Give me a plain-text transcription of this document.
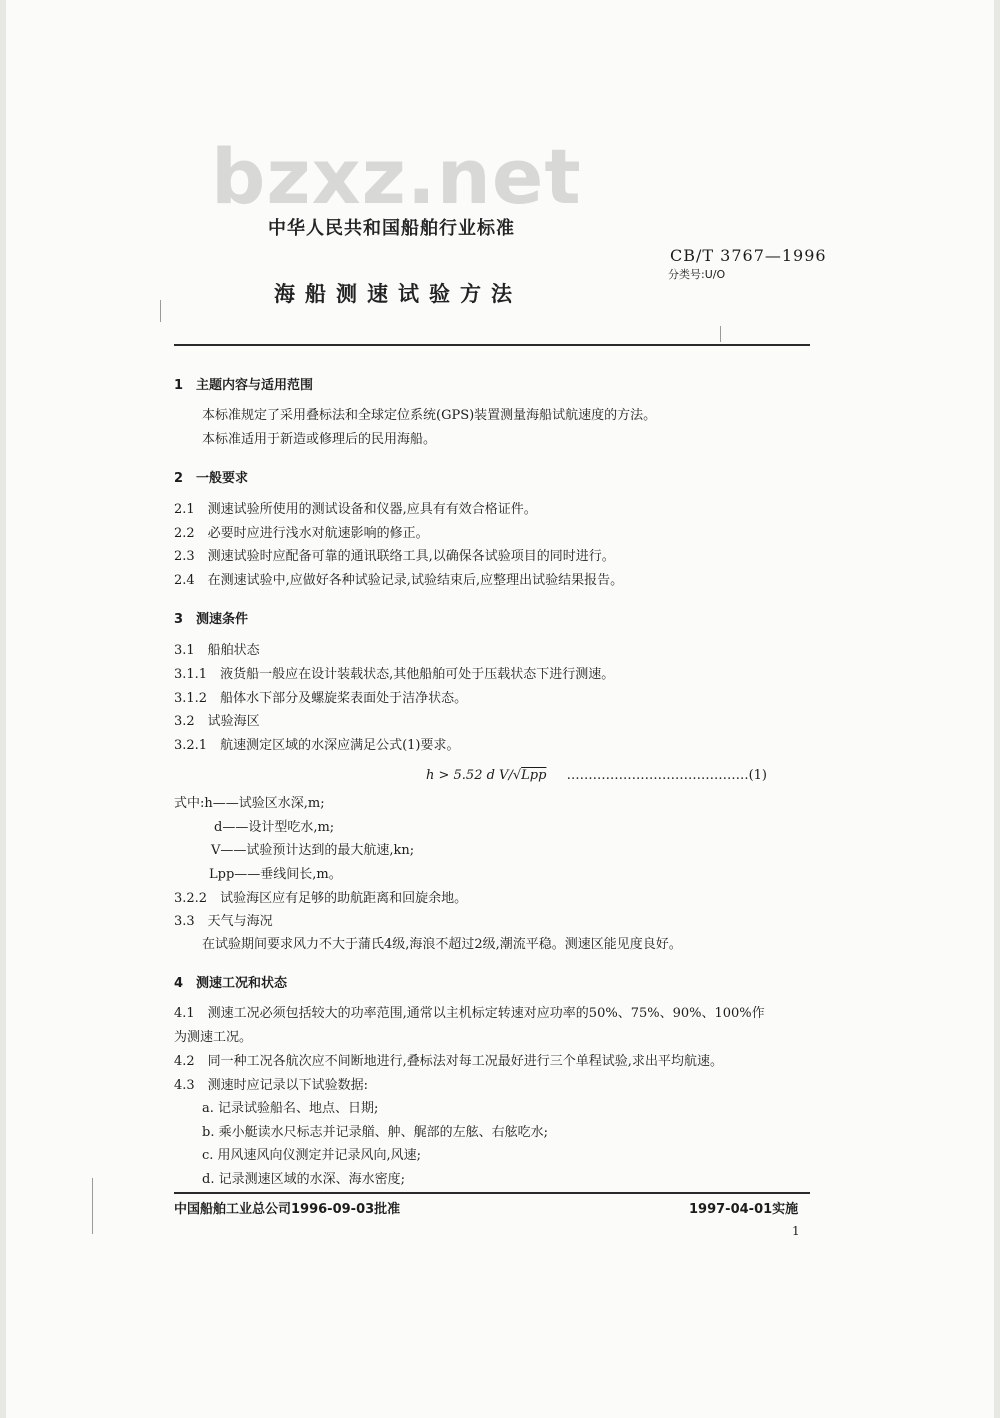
bzxz.net
中华人民共和国船舶行业标准
CB/T 3767—1996
分类号:U/O
海船测速试验方法
1　主题内容与适用范围
本标准规定了采用叠标法和全球定位系统(GPS)装置测量海船试航速度的方法。
本标准适用于新造或修理后的民用海船。
2　一般要求
2.1　测速试验所使用的测试设备和仪器,应具有有效合格证件。
2.2　必要时应进行浅水对航速影响的修正。
2.3　测速试验时应配备可靠的通讯联络工具,以确保各试验项目的同时进行。
2.4　在测速试验中,应做好各种试验记录,试验结束后,应整理出试验结果报告。
3　测速条件
3.1　船舶状态
3.1.1　液货船一般应在设计装载状态,其他船舶可处于压载状态下进行测速。
3.1.2　船体水下部分及螺旋桨表面处于洁净状态。
3.2　试验海区
3.2.1　航速测定区域的水深应满足公式(1)要求。
式中:h——试验区水深,m;
d——设计型吃水,m;
V——试验预计达到的最大航速,kn;
Lpp——垂线间长,m。
3.2.2　试验海区应有足够的助航距离和回旋余地。
3.3　天气与海况
在试验期间要求风力不大于蒲氏4级,海浪不超过2级,潮流平稳。测速区能见度良好。
4　测速工况和状态
4.1　测速工况必须包括较大的功率范围,通常以主机标定转速对应功率的50%、75%、90%、100%作
为测速工况。
4.2　同一种工况各航次应不间断地进行,叠标法对每工况最好进行三个单程试验,求出平均航速。
4.3　测速时应记录以下试验数据:
a. 记录试验船名、地点、日期;
b. 乘小艇读水尺标志并记录艏、舯、艉部的左舷、右舷吃水;
c. 用风速风向仪测定并记录风向,风速;
d. 记录测速区域的水深、海水密度;
h > 5.52 d V/√Lpp ……………………………………(1)
中国船舶工业总公司1996-09-03批准	1997-04-01实施
1
